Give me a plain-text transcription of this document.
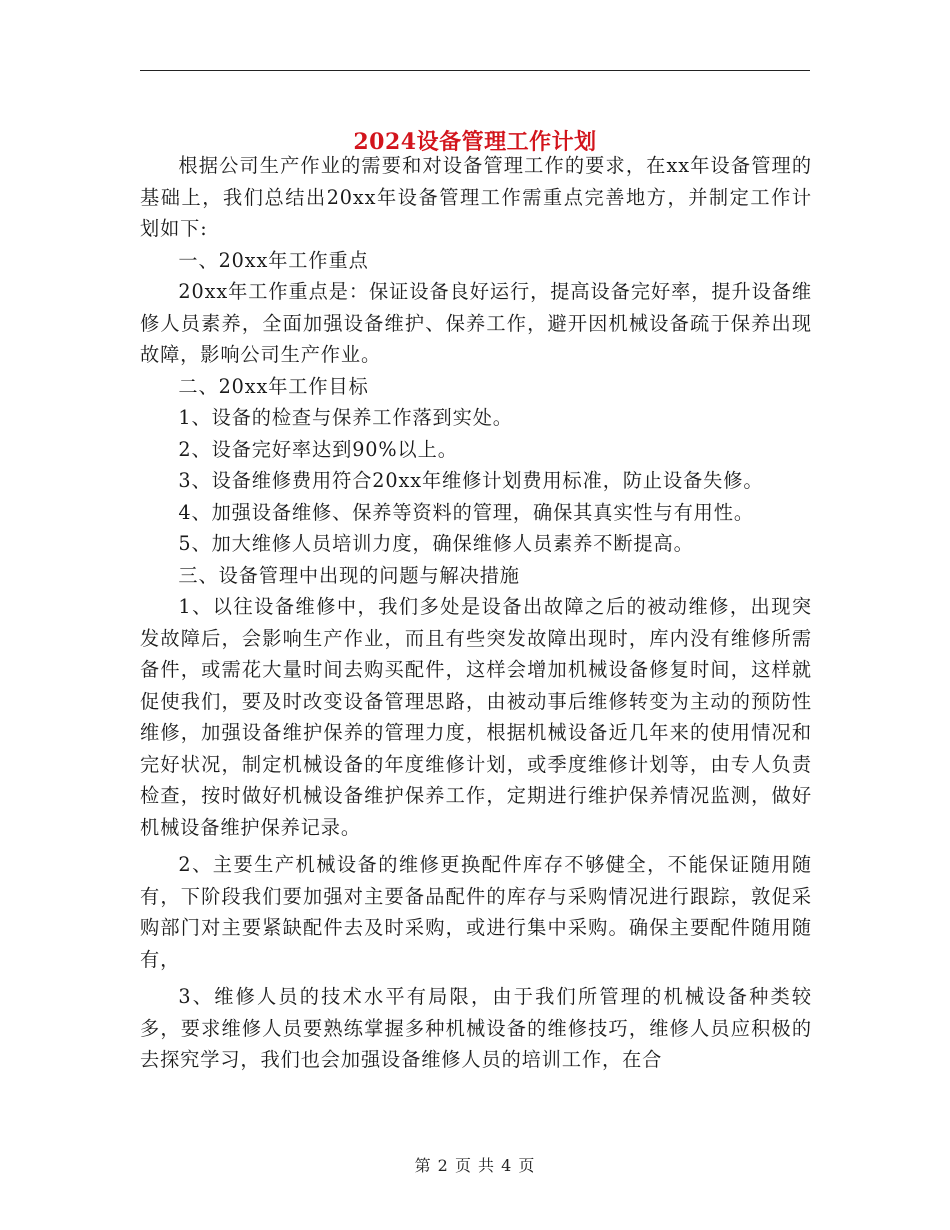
2024设备管理工作计划

根据公司生产作业的需要和对设备管理工作的要求，在xx年设备管理的基础上，我们总结出20xx年设备管理工作需重点完善地方，并制定工作计划如下:

一、20xx年工作重点

20xx年工作重点是：保证设备良好运行，提高设备完好率，提升设备维修人员素养，全面加强设备维护、保养工作，避开因机械设备疏于保养出现故障，影响公司生产作业。

二、20xx年工作目标

1、设备的检查与保养工作落到实处。

2、设备完好率达到90%以上。

3、设备维修费用符合20xx年维修计划费用标准，防止设备失修。

4、加强设备维修、保养等资料的管理，确保其真实性与有用性。

5、加大维修人员培训力度，确保维修人员素养不断提高。

三、设备管理中出现的问题与解决措施

1、以往设备维修中，我们多处是设备出故障之后的被动维修，出现突发故障后，会影响生产作业，而且有些突发故障出现时，库内没有维修所需备件，或需花大量时间去购买配件，这样会增加机械设备修复时间，这样就促使我们，要及时改变设备管理思路，由被动事后维修转变为主动的预防性维修，加强设备维护保养的管理力度，根据机械设备近几年来的使用情况和完好状况，制定机械设备的年度维修计划，或季度维修计划等，由专人负责检查，按时做好机械设备维护保养工作，定期进行维护保养情况监测，做好机械设备维护保养记录。

2、主要生产机械设备的维修更换配件库存不够健全，不能保证随用随有，下阶段我们要加强对主要备品配件的库存与采购情况进行跟踪，敦促采购部门对主要紧缺配件去及时采购，或进行集中采购。确保主要配件随用随有，

3、维修人员的技术水平有局限，由于我们所管理的机械设备种类较多，要求维修人员要熟练掌握多种机械设备的维修技巧，维修人员应积极的去探究学习，我们也会加强设备维修人员的培训工作，在合

第 2 页 共 4 页
